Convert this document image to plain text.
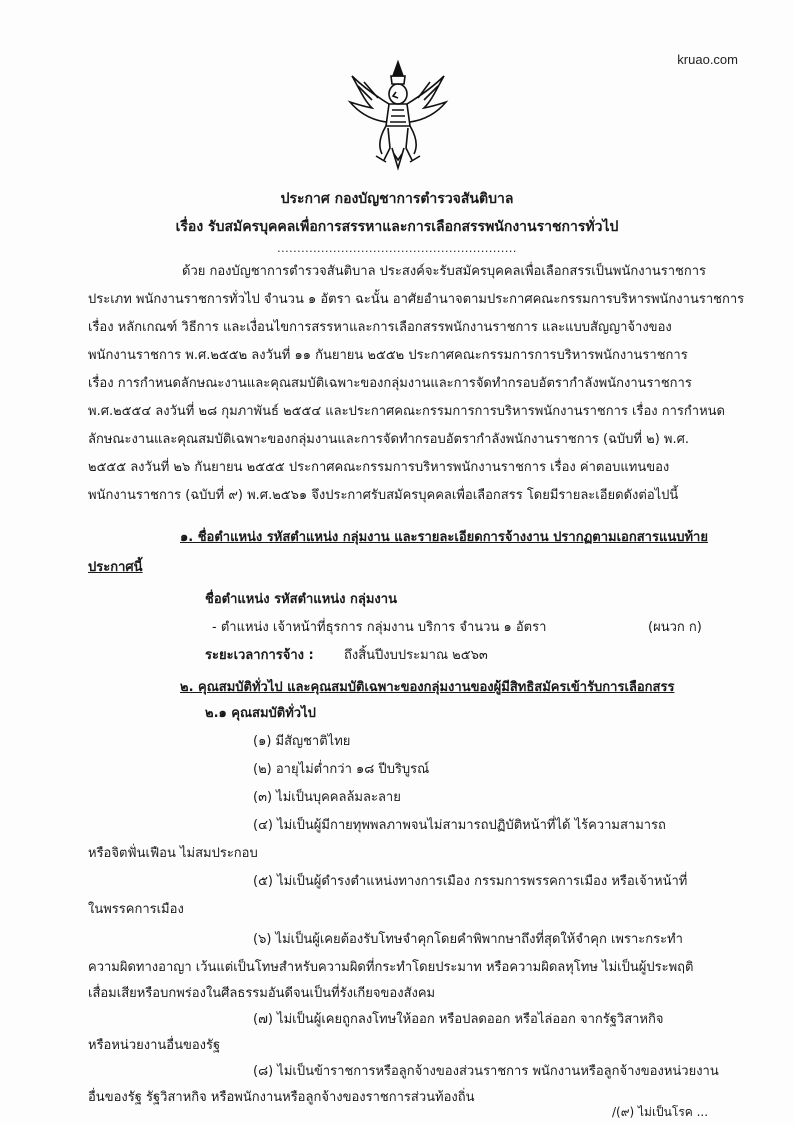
kruao.com
ประกาศ กองบัญชาการตำรวจสันติบาล
เรื่อง รับสมัครบุคคลเพื่อการสรรหาและการเลือกสรรพนักงานราชการทั่วไป
............................................................
ด้วย กองบัญชาการตำรวจสันติบาล ประสงค์จะรับสมัครบุคคลเพื่อเลือกสรรเป็นพนักงานราชการ
ประเภท พนักงานราชการทั่วไป จำนวน ๑ อัตรา ฉะนั้น อาศัยอำนาจตามประกาศคณะกรรมการบริหารพนักงานราชการ
เรื่อง หลักเกณฑ์ วิธีการ และเงื่อนไขการสรรหาและการเลือกสรรพนักงานราชการ และแบบสัญญาจ้างของ
พนักงานราชการ พ.ศ.๒๕๕๒ ลงวันที่ ๑๑ กันยายน ๒๕๕๒ ประกาศคณะกรรมการการบริหารพนักงานราชการ
เรื่อง การกำหนดลักษณะงานและคุณสมบัติเฉพาะของกลุ่มงานและการจัดทำกรอบอัตรากำลังพนักงานราชการ
พ.ศ.๒๕๕๔ ลงวันที่ ๒๘ กุมภาพันธ์ ๒๕๕๔ และประกาศคณะกรรมการการบริหารพนักงานราชการ เรื่อง การกำหนด
ลักษณะงานและคุณสมบัติเฉพาะของกลุ่มงานและการจัดทำกรอบอัตรากำลังพนักงานราชการ (ฉบับที่ ๒) พ.ศ.
๒๕๕๕ ลงวันที่ ๒๖ กันยายน ๒๕๕๕ ประกาศคณะกรรมการบริหารพนักงานราชการ เรื่อง ค่าตอบแทนของ
พนักงานราชการ (ฉบับที่ ๙) พ.ศ.๒๕๖๑ จึงประกาศรับสมัครบุคคลเพื่อเลือกสรร โดยมีรายละเอียดดังต่อไปนี้
๑. ชื่อตำแหน่ง รหัสตำแหน่ง กลุ่มงาน และรายละเอียดการจ้างงาน ปรากฏตามเอกสารแนบท้าย
ประกาศนี้
ชื่อตำแหน่ง รหัสตำแหน่ง กลุ่มงาน
- ตำแหน่ง เจ้าหน้าที่ธุรการ กลุ่มงาน บริการ จำนวน ๑ อัตรา	(ผนวก ก)
ระยะเวลาการจ้าง : ถึงสิ้นปีงบประมาณ ๒๕๖๓
๒. คุณสมบัติทั่วไป และคุณสมบัติเฉพาะของกลุ่มงานของผู้มีสิทธิสมัครเข้ารับการเลือกสรร
๒.๑ คุณสมบัติทั่วไป
(๑) มีสัญชาติไทย
(๒) อายุไม่ต่ำกว่า ๑๘ ปีบริบูรณ์
(๓) ไม่เป็นบุคคลล้มละลาย
(๔) ไม่เป็นผู้มีกายทุพพลภาพจนไม่สามารถปฏิบัติหน้าที่ได้ ไร้ความสามารถ
หรือจิตฟั่นเฟือน ไม่สมประกอบ
(๕) ไม่เป็นผู้ดำรงตำแหน่งทางการเมือง กรรมการพรรคการเมือง หรือเจ้าหน้าที่
ในพรรคการเมือง
(๖) ไม่เป็นผู้เคยต้องรับโทษจำคุกโดยคำพิพากษาถึงที่สุดให้จำคุก เพราะกระทำ
ความผิดทางอาญา เว้นแต่เป็นโทษสำหรับความผิดที่กระทำโดยประมาท หรือความผิดลหุโทษ ไม่เป็นผู้ประพฤติ
เสื่อมเสียหรือบกพร่องในศีลธรรมอันดีจนเป็นที่รังเกียจของสังคม
(๗) ไม่เป็นผู้เคยถูกลงโทษให้ออก หรือปลดออก หรือไล่ออก จากรัฐวิสาหกิจ
หรือหน่วยงานอื่นของรัฐ
(๘) ไม่เป็นข้าราชการหรือลูกจ้างของส่วนราชการ พนักงานหรือลูกจ้างของหน่วยงาน
อื่นของรัฐ รัฐวิสาหกิจ หรือพนักงานหรือลูกจ้างของราชการส่วนท้องถิ่น
/(๙) ไม่เป็นโรค ...
